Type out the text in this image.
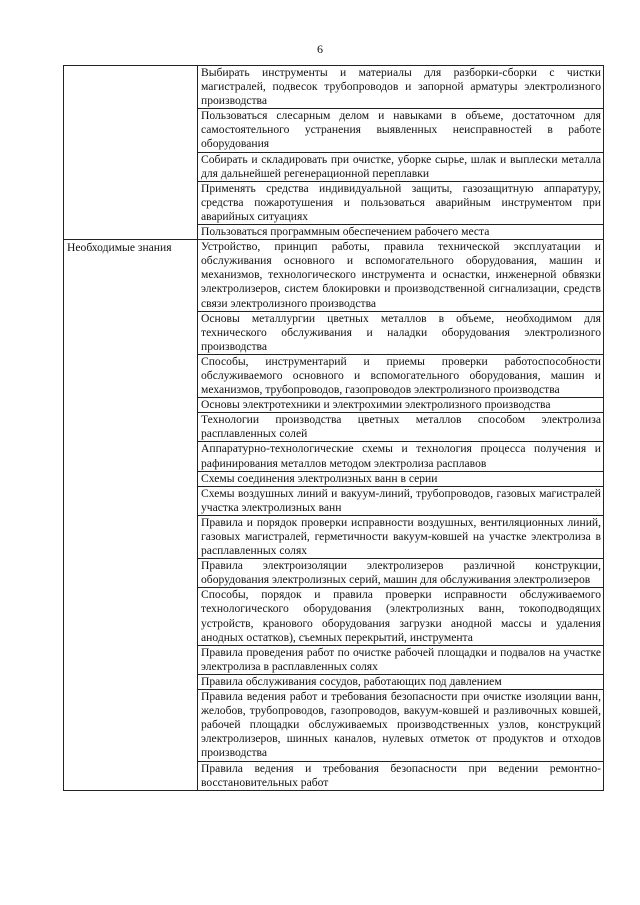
6
	Выбирать инструменты и материалы для разборки-сборки с чистки магистралей, подвесок трубопроводов и запорной арматуры электролизного производства
	Пользоваться слесарным делом и навыками в объеме, достаточном для самостоятельного устранения выявленных неисправностей в работе оборудования
	Собирать и складировать при очистке, уборке сырье, шлак и выплески металла для дальнейшей регенерационной переплавки
	Применять средства индивидуальной защиты, газозащитную аппаратуру, средства пожаротушения и пользоваться аварийным инструментом при аварийных ситуациях
	Пользоваться программным обеспечением рабочего места
Необходимые знания	Устройство, принцип работы, правила технической эксплуатации и обслуживания основного и вспомогательного оборудования, машин и механизмов, технологического инструмента и оснастки, инженерной обвязки электролизеров, систем блокировки и производственной сигнализации, средств связи электролизного производства
	Основы металлургии цветных металлов в объеме, необходимом для технического обслуживания и наладки оборудования электролизного производства
	Способы, инструментарий и приемы проверки работоспособности обслуживаемого основного и вспомогательного оборудования, машин и механизмов, трубопроводов, газопроводов электролизного производства
	Основы электротехники и электрохимии электролизного производства
	Технологии производства цветных металлов способом электролиза расплавленных солей
	Аппаратурно-технологические схемы и технология процесса получения и рафинирования металлов методом электролиза расплавов
	Схемы соединения электролизных ванн в серии
	Схемы воздушных линий и вакуум-линий, трубопроводов, газовых магистралей участка электролизных ванн
	Правила и порядок проверки исправности воздушных, вентиляционных линий, газовых магистралей, герметичности вакуум-ковшей на участке электролиза в расплавленных солях
	Правила электроизоляции электролизеров различной конструкции, оборудования электролизных серий, машин для обслуживания электролизеров
	Способы, порядок и правила проверки исправности обслуживаемого технологического оборудования (электролизных ванн, токоподводящих устройств, кранового оборудования загрузки анодной массы и удаления анодных остатков), съемных перекрытий, инструмента
	Правила проведения работ по очистке рабочей площадки и подвалов на участке электролиза в расплавленных солях
	Правила обслуживания сосудов, работающих под давлением
	Правила ведения работ и требования безопасности при очистке изоляции ванн, желобов, трубопроводов, газопроводов, вакуум-ковшей и разливочных ковшей, рабочей площадки обслуживаемых производственных узлов, конструкций электролизеров, шинных каналов, нулевых отметок от продуктов и отходов производства
	Правила ведения и требования безопасности при ведении ремонтно-восстановительных работ
